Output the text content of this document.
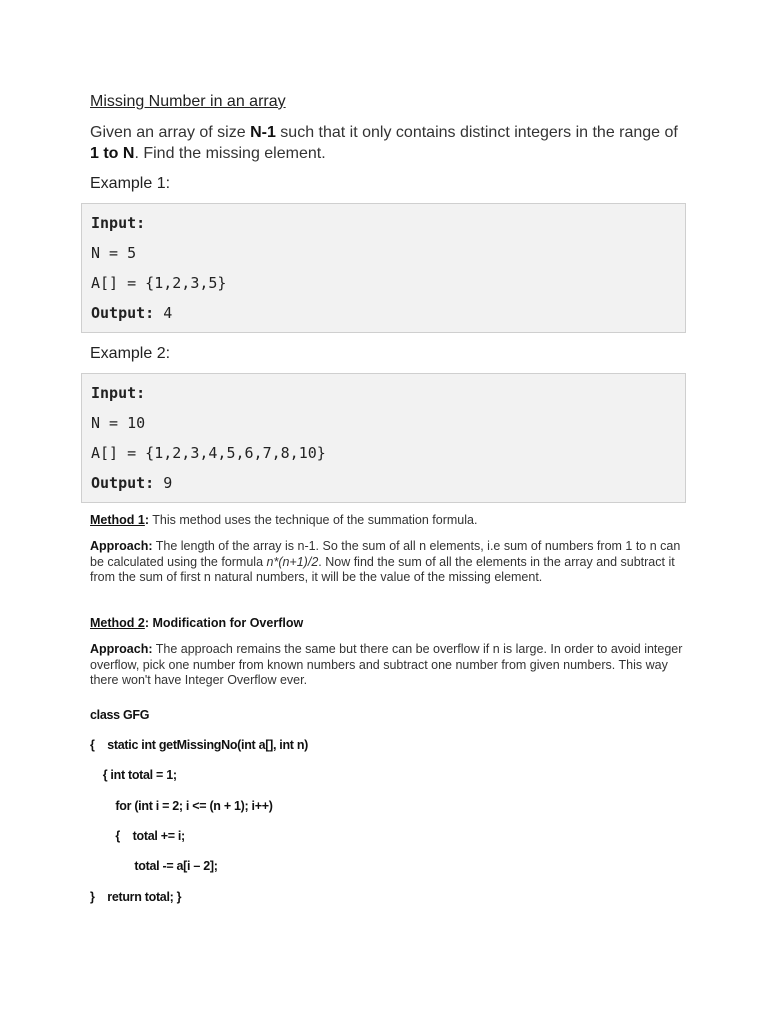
Missing Number in an array
Given an array of size N-1 such that it only contains distinct integers in the range of 1 to N. Find the missing element.
Example 1:
Input:
N = 5
A[] = {1,2,3,5}
Output: 4
Example 2:
Input:
N = 10
A[] = {1,2,3,4,5,6,7,8,10}
Output: 9
Method 1: This method uses the technique of the summation formula.
Approach: The length of the array is n-1. So the sum of all n elements, i.e sum of numbers from 1 to n can be calculated using the formula n*(n+1)/2. Now find the sum of all the elements in the array and subtract it from the sum of first n natural numbers, it will be the value of the missing element.
Method 2: Modification for Overflow
Approach: The approach remains the same but there can be overflow if n is large. In order to avoid integer overflow, pick one number from known numbers and subtract one number from given numbers. This way there won't have Integer Overflow ever.
class GFG
{    static int getMissingNo(int a[], int n)
{ int total = 1;
for (int i = 2; i <= (n + 1); i++)
{    total += i;
total -= a[i – 2];
}    return total; }
